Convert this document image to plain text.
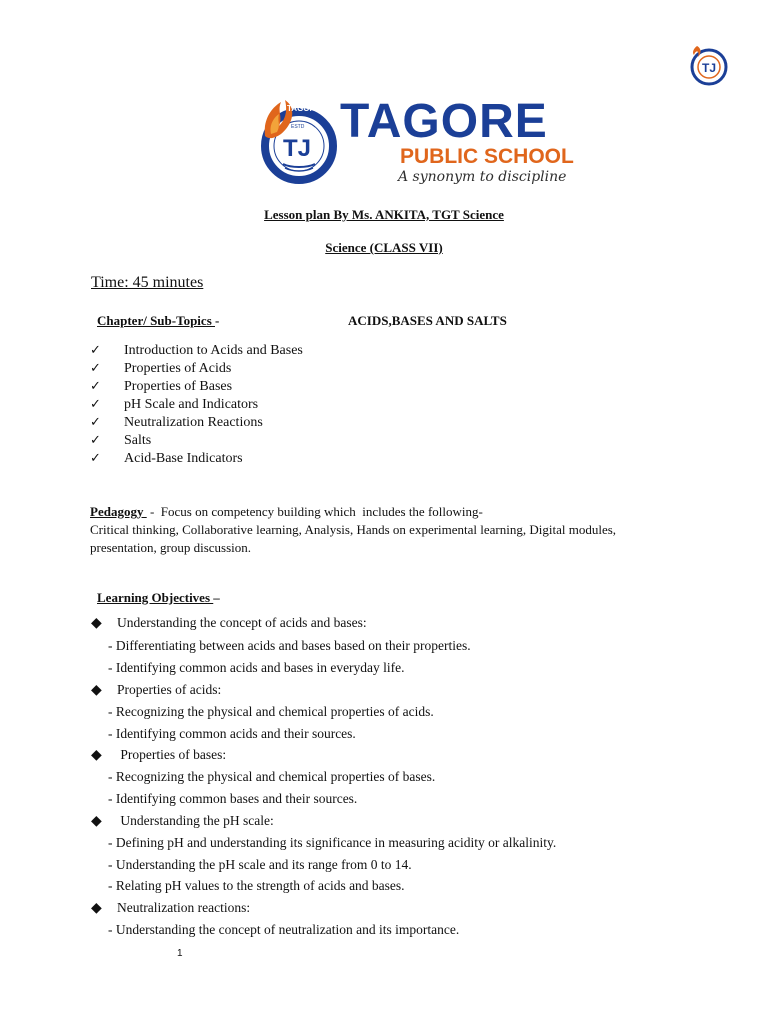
TJ
TJ
TAGORE
ESTD TAGORE
PUBLIC SCHOOL
A synonym to discipline
Lesson plan By Ms. ANKITA, TGT Science
Science (CLASS VII)
Time: 45 minutes
Chapter/ Sub-Topics -	ACIDS,BASES AND SALTS
✓ Introduction to Acids and Bases
✓ Properties of Acids
✓ Properties of Bases
✓ pH Scale and Indicators
✓ Neutralization Reactions
✓ Salts
✓ Acid-Base Indicators
Pedagogy  -  Focus on competency building which  includes the following-
Critical thinking, Collaborative learning, Analysis, Hands on experimental learning, Digital modules,
presentation, group discussion.
Learning Objectives –
◆ Understanding the concept of acids and bases:
- Differentiating between acids and bases based on their properties.
- Identifying common acids and bases in everyday life.
◆ Properties of acids:
- Recognizing the physical and chemical properties of acids.
- Identifying common acids and their sources.
◆ Properties of bases:
- Recognizing the physical and chemical properties of bases.
- Identifying common bases and their sources.
◆ Understanding the pH scale:
- Defining pH and understanding its significance in measuring acidity or alkalinity.
- Understanding the pH scale and its range from 0 to 14.
- Relating pH values to the strength of acids and bases.
◆ Neutralization reactions:
- Understanding the concept of neutralization and its importance.
1
